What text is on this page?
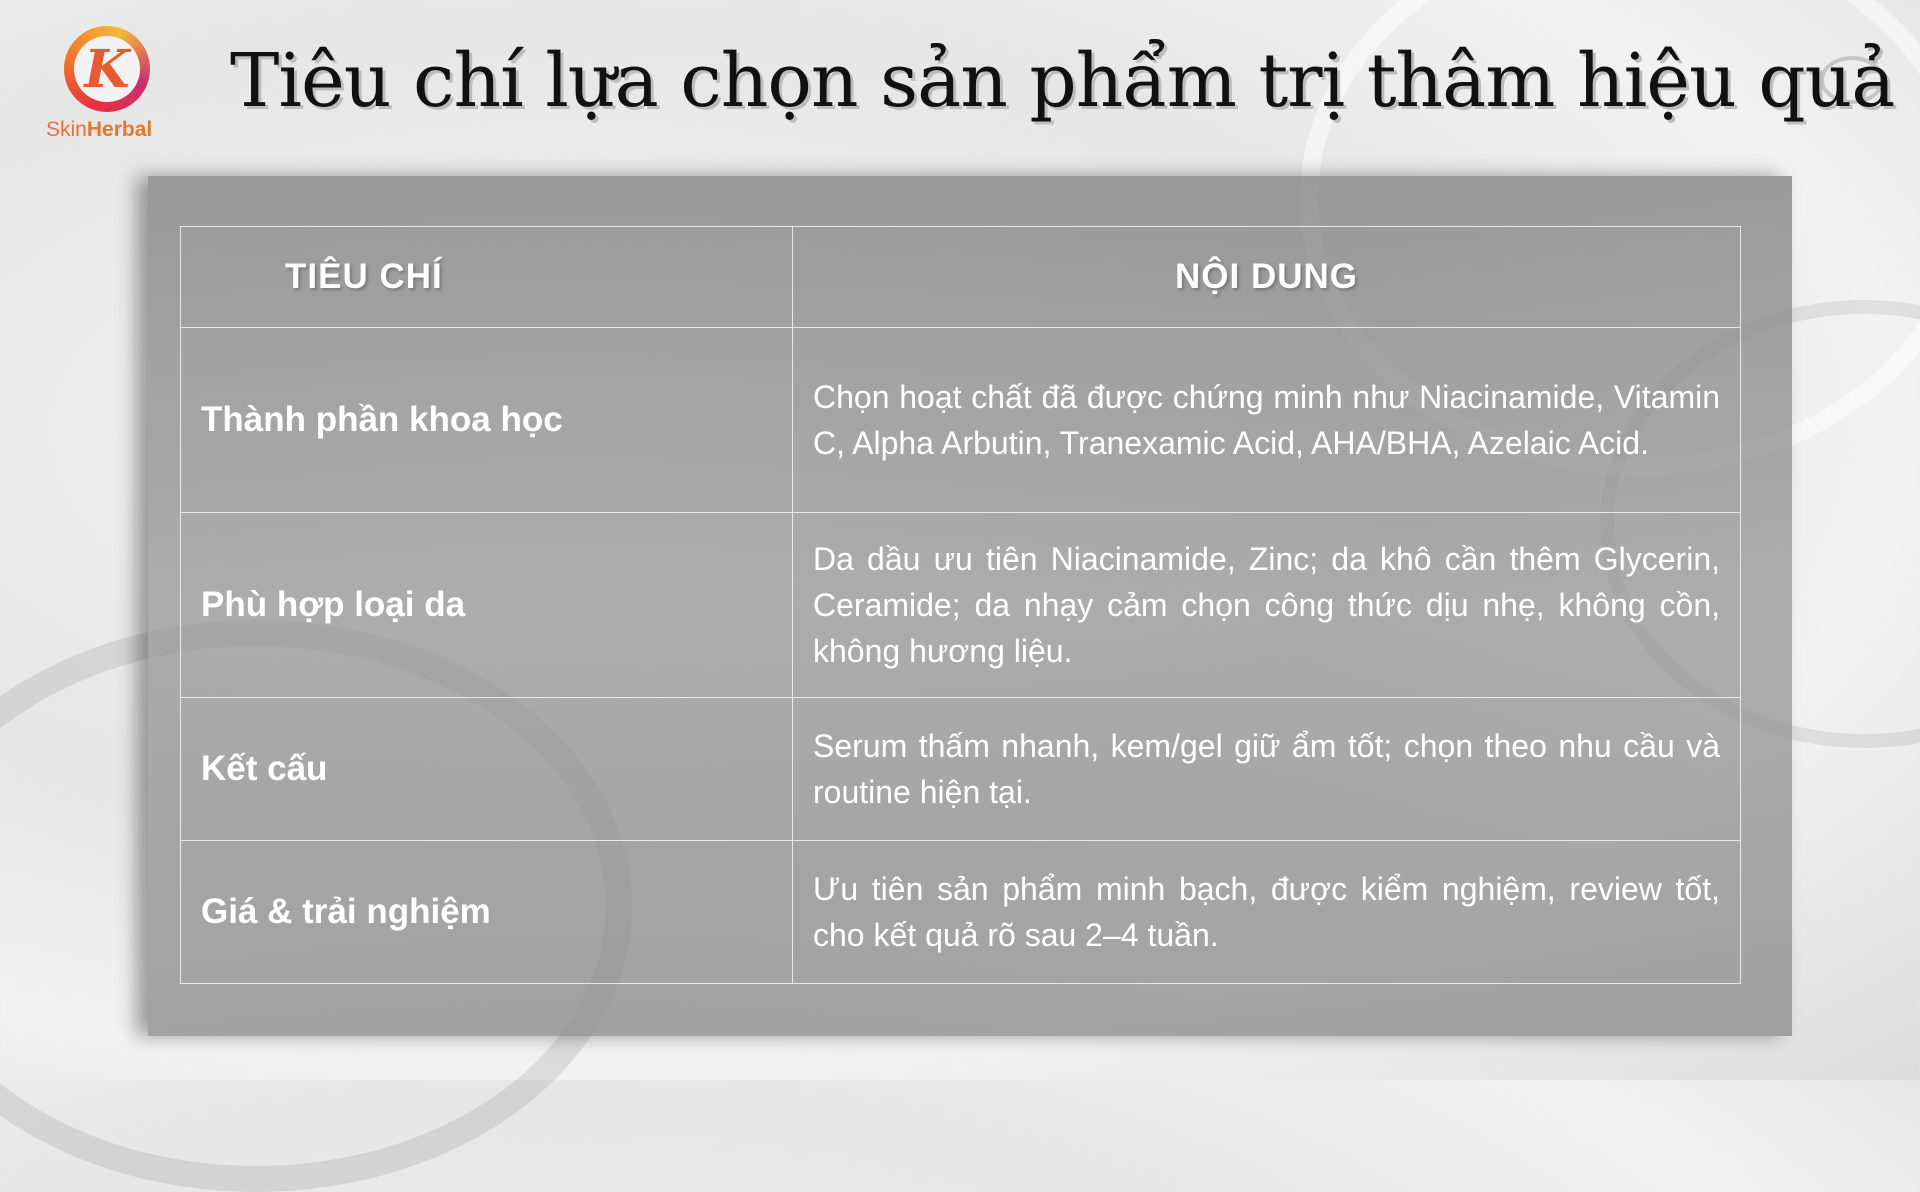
K
SkinHerbal
Tiêu chí lựa chọn sản phẩm trị thâm hiệu quả
TIÊU CHÍ	NỘI DUNG
Thành phần khoa học	Chọn hoạt chất đã được chứng minh như Niacinamide, Vitamin C, Alpha Arbutin, Tranexamic Acid, AHA/BHA, Azelaic Acid.
Phù hợp loại da	Da dầu ưu tiên Niacinamide, Zinc; da khô cần thêm Glycerin, Ceramide; da nhạy cảm chọn công thức dịu nhẹ, không cồn, không hương liệu.
Kết cấu	Serum thấm nhanh, kem/gel giữ ẩm tốt; chọn theo nhu cầu và routine hiện tại.
Giá & trải nghiệm	Ưu tiên sản phẩm minh bạch, được kiểm nghiệm, review tốt, cho kết quả rõ sau 2–4 tuần.
